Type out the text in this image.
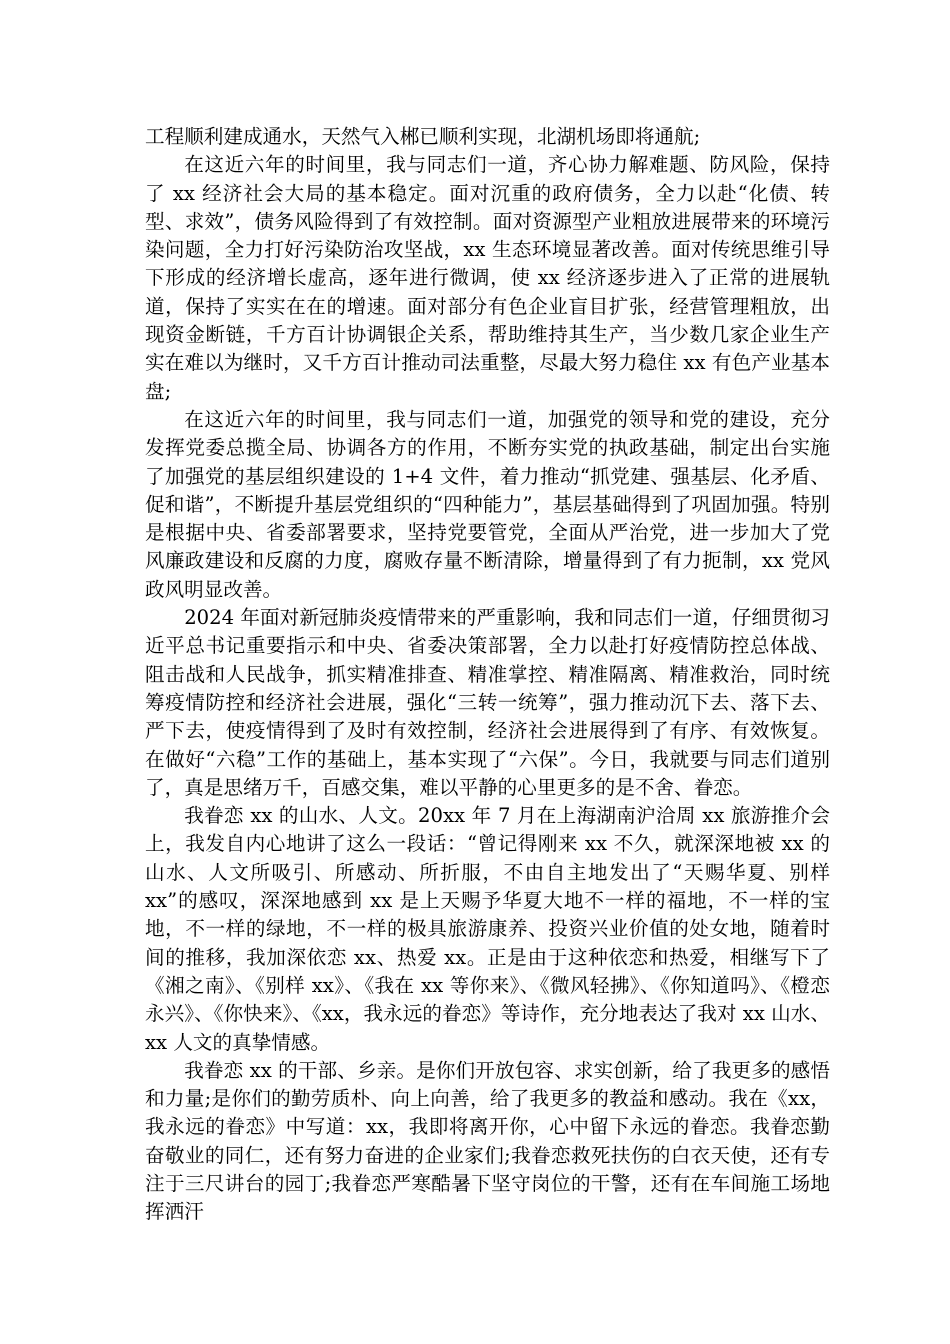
工程顺利建成通水，天然气入郴已顺利实现，北湖机场即将通航;

在这近六年的时间里，我与同志们一道，齐心协力解难题、防风险，保持了 xx 经济社会大局的基本稳定。面对沉重的政府债务，全力以赴“化债、转型、求效”，债务风险得到了有效控制。面对资源型产业粗放进展带来的环境污染问题，全力打好污染防治攻坚战，xx 生态环境显著改善。面对传统思维引导下形成的经济增长虚高，逐年进行微调，使 xx 经济逐步进入了正常的进展轨道，保持了实实在在的增速。面对部分有色企业盲目扩张，经营管理粗放，出现资金断链，千方百计协调银企关系，帮助维持其生产，当少数几家企业生产实在难以为继时，又千方百计推动司法重整，尽最大努力稳住 xx 有色产业基本盘;

在这近六年的时间里，我与同志们一道，加强党的领导和党的建设，充分发挥党委总揽全局、协调各方的作用，不断夯实党的执政基础，制定出台实施了加强党的基层组织建设的 1+4 文件，着力推动“抓党建、强基层、化矛盾、促和谐”，不断提升基层党组织的“四种能力”，基层基础得到了巩固加强。特别是根据中央、省委部署要求，坚持党要管党，全面从严治党，进一步加大了党风廉政建设和反腐的力度，腐败存量不断清除，增量得到了有力扼制，xx 党风政风明显改善。

2024 年面对新冠肺炎疫情带来的严重影响，我和同志们一道，仔细贯彻习近平总书记重要指示和中央、省委决策部署，全力以赴打好疫情防控总体战、阻击战和人民战争，抓实精准排查、精准掌控、精准隔离、精准救治，同时统筹疫情防控和经济社会进展，强化“三转一统筹”，强力推动沉下去、落下去、严下去，使疫情得到了及时有效控制，经济社会进展得到了有序、有效恢复。在做好“六稳”工作的基础上，基本实现了“六保”。今日，我就要与同志们道别了，真是思绪万千，百感交集，难以平静的心里更多的是不舍、眷恋。

我眷恋 xx 的山水、人文。20xx 年 7 月在上海湖南沪洽周 xx 旅游推介会上，我发自内心地讲了这么一段话：“曾记得刚来 xx 不久，就深深地被 xx 的山水、人文所吸引、所感动、所折服，不由自主地发出了“天赐华夏、别样 xx”的感叹，深深地感到 xx 是上天赐予华夏大地不一样的福地，不一样的宝地，不一样的绿地，不一样的极具旅游康养、投资兴业价值的处女地，随着时间的推移，我加深依恋 xx、热爱 xx。正是由于这种依恋和热爱，相继写下了《湘之南》、《别样 xx》、《我在 xx 等你来》、《微风轻拂》、《你知道吗》、《橙恋永兴》、《你快来》、《xx，我永远的眷恋》等诗作，充分地表达了我对 xx 山水、xx 人文的真挚情感。

我眷恋 xx 的干部、乡亲。是你们开放包容、求实创新，给了我更多的感悟和力量;是你们的勤劳质朴、向上向善，给了我更多的教益和感动。我在《xx，我永远的眷恋》中写道：xx，我即将离开你，心中留下永远的眷恋。我眷恋勤奋敬业的同仁，还有努力奋进的企业家们;我眷恋救死扶伤的白衣天使，还有专注于三尺讲台的园丁;我眷恋严寒酷暑下坚守岗位的干警，还有在车间施工场地挥洒汗
